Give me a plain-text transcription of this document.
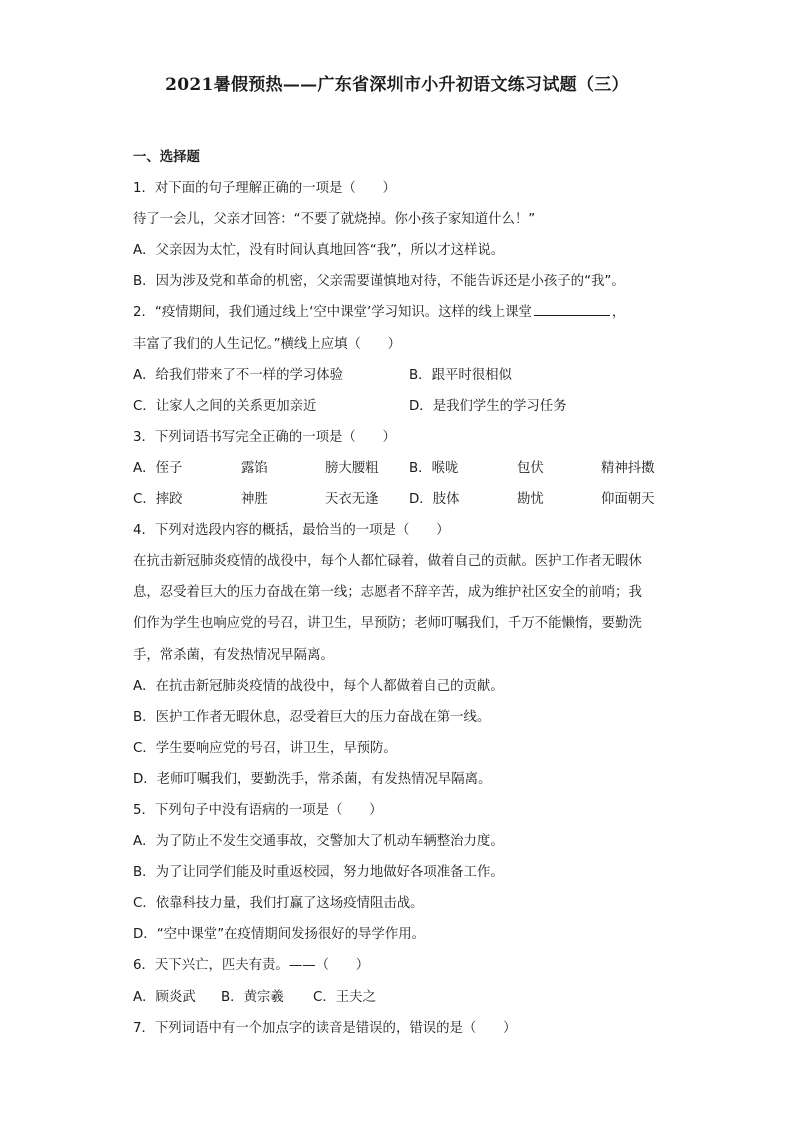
2021暑假预热——广东省深圳市小升初语文练习试题（三）
一、选择题
1．对下面的句子理解正确的一项是（　　）
待了一会儿，父亲才回答：“不要了就烧掉。你小孩子家知道什么！”
A．父亲因为太忙，没有时间认真地回答“我”，所以才这样说。
B．因为涉及党和革命的机密，父亲需要谨慎地对待，不能告诉还是小孩子的“我”。
2．“疫情期间，我们通过线上‘空中课堂’学习知识。这样的线上课堂	，
丰富了我们的人生记忆。”横线上应填（　　）
A．给我们带来了不一样的学习体验	B．跟平时很相似
C．让家人之间的关系更加亲近	D．是我们学生的学习任务
3．下列词语书写完全正确的一项是（　　）
A．侄子	露馅	膀大腰粗	B．喉咙	包伏	精神抖擞
C．摔跤	神胜	天衣无逢	D．肢体	勘忧	仰面朝天
4．下列对选段内容的概括，最恰当的一项是（　　）
在抗击新冠肺炎疫情的战役中，每个人都忙碌着，做着自己的贡献。医护工作者无暇休
息，忍受着巨大的压力奋战在第一线；志愿者不辞辛苦，成为维护社区安全的前哨；我
们作为学生也响应党的号召，讲卫生，早预防；老师叮嘱我们，千万不能懒惰，要勤洗
手，常杀菌，有发热情况早隔离。
A．在抗击新冠肺炎疫情的战役中，每个人都做着自己的贡献。
B．医护工作者无暇休息，忍受着巨大的压力奋战在第一线。
C．学生要响应党的号召，讲卫生，早预防。
D．老师叮嘱我们，要勤洗手，常杀菌，有发热情况早隔离。
5．下列句子中没有语病的一项是（　　）
A．为了防止不发生交通事故，交警加大了机动车辆整治力度。
B．为了让同学们能及时重返校园，努力地做好各项准备工作。
C．依靠科技力量，我们打赢了这场疫情阻击战。
D．“空中课堂”在疫情期间发扬很好的导学作用。
6．天下兴亡，匹夫有责。——（　　）
A．顾炎武	B．黄宗羲	C．王夫之
7．下列词语中有一个加点字的读音是错误的，错误的是（　　）
